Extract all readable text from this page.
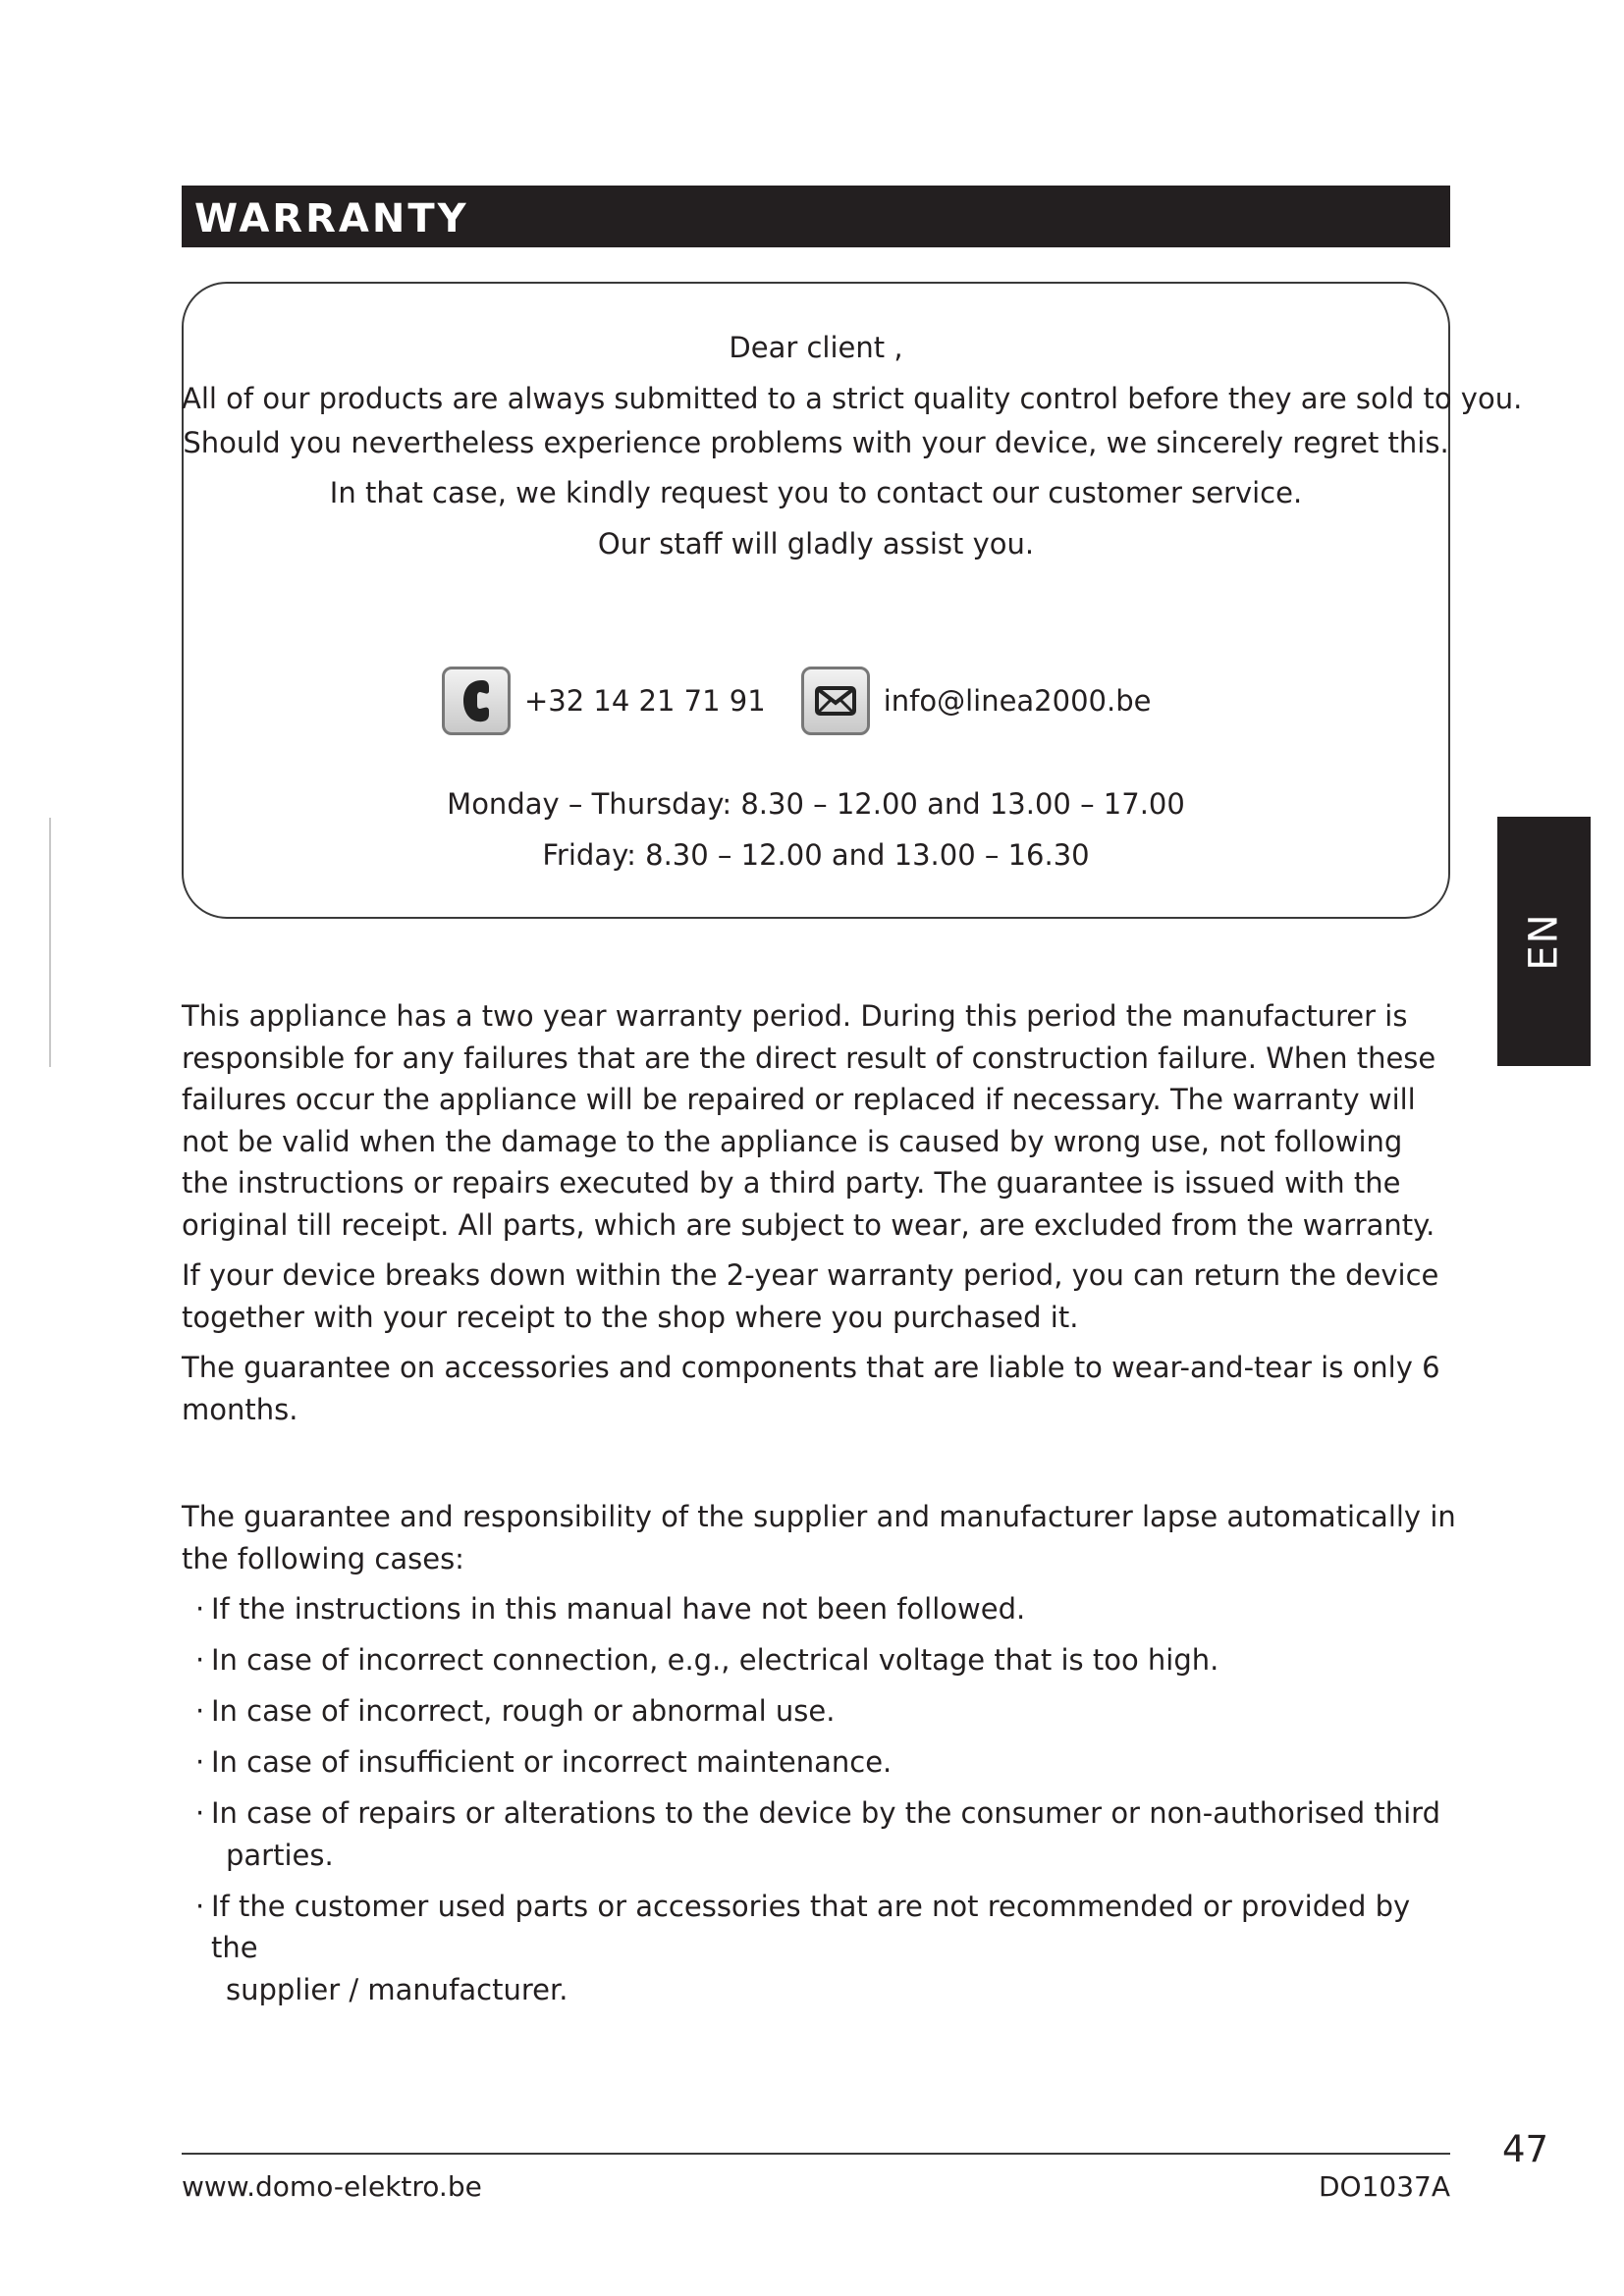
WARRANTY
Dear client ,
All of our products are always submitted to a strict quality control before they are sold to you.
Should you nevertheless experience problems with your device, we sincerely regret this.
In that case, we kindly request you to contact our customer service.
Our staff will gladly assist you.
+32 14 21 71 91	info@linea2000.be
Monday – Thursday: 8.30 – 12.00 and 13.00 – 17.00
Friday: 8.30 – 12.00 and 13.00 – 16.30
EN

This appliance has a two year warranty period. During this period the manufacturer is responsible for any failures that are the direct result of construction failure. When these failures occur the appliance will be repaired or replaced if necessary. The warranty will not be valid when the damage to the appliance is caused by wrong use, not following the instructions or repairs executed by a third party. The guarantee is issued with the original till receipt. All parts, which are subject to wear, are excluded from the warranty.

If your device breaks down within the 2-year warranty period, you can return the device together with your receipt to the shop where you purchased it.

The guarantee on accessories and components that are liable to wear-and-tear is only 6 months.

The guarantee and responsibility of the supplier and manufacturer lapse automatically in the following cases:

· If the instructions in this manual have not been followed.
· In case of incorrect connection, e.g., electrical voltage that is too high.
· In case of incorrect, rough or abnormal use.
· In case of insufficient or incorrect maintenance.
· In case of repairs or alterations to the device by the consumer or non-authorised third
parties.
· If the customer used parts or accessories that are not recommended or provided by the
supplier / manufacturer.
47
www.domo-elektro.be	DO1037A
